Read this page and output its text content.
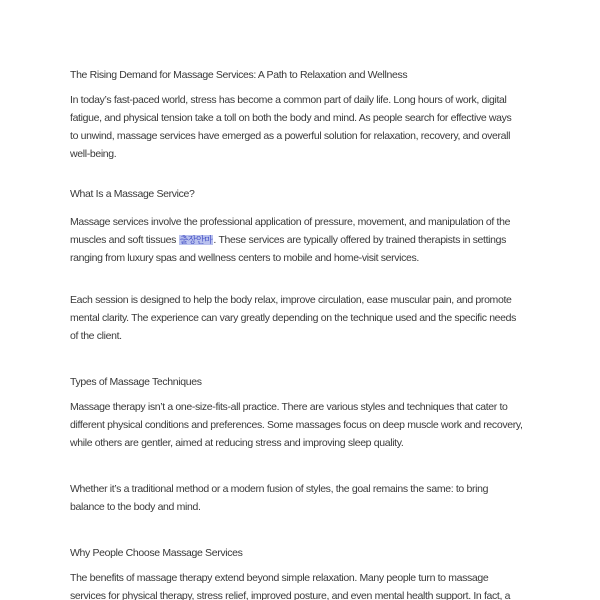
The Rising Demand for Massage Services: A Path to Relaxation and Wellness
In today’s fast-paced world, stress has become a common part of daily life. Long hours of work, digital
fatigue, and physical tension take a toll on both the body and mind. As people search for effective ways
to unwind, massage services have emerged as a powerful solution for relaxation, recovery, and overall
well-being.
What Is a Massage Service?
Massage services involve the professional application of pressure, movement, and manipulation of the
muscles and soft tissues 출장안마. These services are typically offered by trained therapists in settings
ranging from luxury spas and wellness centers to mobile and home-visit services.
Each session is designed to help the body relax, improve circulation, ease muscular pain, and promote
mental clarity. The experience can vary greatly depending on the technique used and the specific needs
of the client.
Types of Massage Techniques
Massage therapy isn’t a one-size-fits-all practice. There are various styles and techniques that cater to
different physical conditions and preferences. Some massages focus on deep muscle work and recovery,
while others are gentler, aimed at reducing stress and improving sleep quality.
Whether it’s a traditional method or a modern fusion of styles, the goal remains the same: to bring
balance to the body and mind.
Why People Choose Massage Services
The benefits of massage therapy extend beyond simple relaxation. Many people turn to massage
services for physical therapy, stress relief, improved posture, and even mental health support. In fact, a
